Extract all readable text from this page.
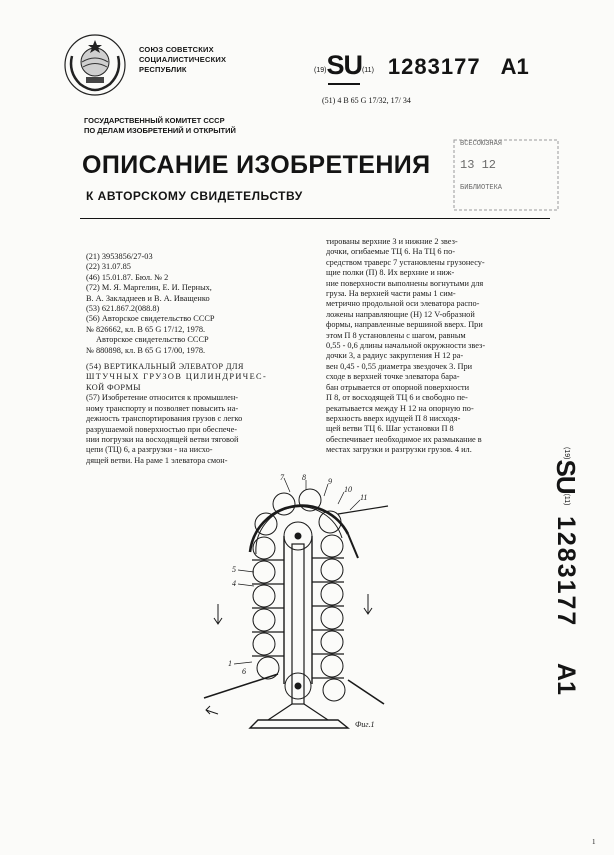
СОЮЗ СОВЕТСКИХ
СОЦИАЛИСТИЧЕСКИХ
РЕСПУБЛИК	(19)SU(11) 1283177 A1
(51) 4 B 65 G 17/32, 17/ 34
ГОСУДАРСТВЕННЫЙ КОМИТЕТ СССР
ПО ДЕЛАМ ИЗОБРЕТЕНИЙ И ОТКРЫТИЙ
ВСЕСОЮЗНАЯ
13 12
БИБЛИОТЕКА
ОПИСАНИЕ ИЗОБРЕТЕНИЯ
К АВТОРСКОМУ СВИДЕТЕЛЬСТВУ
(21) 3953856/27-03
(22) 31.07.85
(46) 15.01.87. Бюл. № 2
(72) М. Я. Маргелин, Е. И. Перных,
В. А. Закладнеев и В. А. Иващенко
(53) 621.867.2(088.8)
(56) Авторское свидетельство СССР
№ 826662, кл. В 65 G 17/12, 1978.
Авторское свидетельство СССР
№ 880898, кл. В 65 G 17/00, 1978.
(54) ВЕРТИКАЛЬНЫЙ ЭЛЕВАТОР ДЛЯ
ШТУЧНЫХ ГРУЗОВ ЦИЛИНДРИЧЕС-
КОЙ ФОРМЫ
(57) Изобретение относится к промышлен-
ному транспорту и позволяет повысить на-
дежность транспортирования грузов с легко
разрушаемой поверхностью при обеспече-
нии погрузки на восходящей ветви тяговой
цепи (ТЦ) 6, а разгрузки - на нисхо-
дящей ветви. На раме 1 элеватора смон-
тированы верхние 3 и нижние 2 звез-
дочки, огибаемые ТЦ 6. На ТЦ 6 по-
средством траверс 7 установлены грузонесу-
щие полки (П) 8. Их верхние и ниж-
ние поверхности выполнены вогнутыми для
груза. На верхней части рамы 1 сим-
метрично продольной оси элеватора распо-
ложены направляющие (Н) 12 V-образной
формы, направленные вершиной вверх. При
этом П 8 установлены с шагом, равным
0,55 - 0,6 длины начальной окружности звез-
дочки 3, а радиус закругления Н 12 ра-
вен 0,45 - 0,55 диаметра звездочек 3. При
сходе в верхней точке элеватора бара-
бан отрывается от опорной поверхности
П 8, от восходящей ТЦ 6 и свободно пе-
рекатывается между Н 12 на опорную по-
верхность вверх идущей П 8 нисходя-
щей ветви ТЦ 6. Шаг установки П 8
обеспечивает необходимое их размыкание в
местах загрузки и разгрузки грузов. 4 ил.	(19)SU(11)1283177A1
7 8	9
10
11
5
4
1
6
Фиг.1
1
